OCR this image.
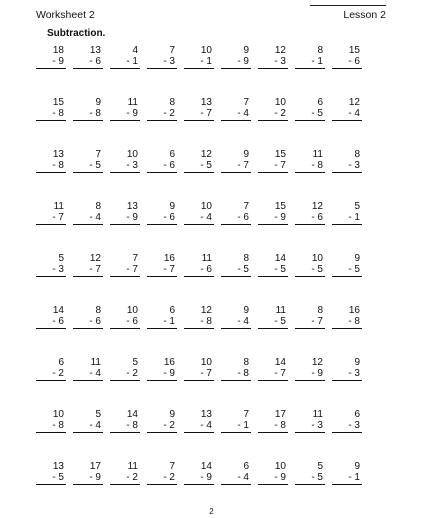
Worksheet 2	Lesson 2
Subtraction.
18
- 9
13
- 6
4
- 1
7
- 3
10
- 1
9
- 9
12
- 3
8
- 1
15
- 6
15
- 8
9
- 8
11
- 9
8
- 2
13
- 7
7
- 4
10
- 2
6
- 5
12
- 4
13
- 8
7
- 5
10
- 3
6
- 6
12
- 5
9
- 7
15
- 7
11
- 8
8
- 3
11
- 7
8
- 4
13
- 9
9
- 6
10
- 4
7
- 6
15
- 9
12
- 6
5
- 1
5
- 3
12
- 7
7
- 7
16
- 7
11
- 6
8
- 5
14
- 5
10
- 5
9
- 5
14
- 6
8
- 6
10
- 6
6
- 1
12
- 8
9
- 4
11
- 5
8
- 7
16
- 8
6
- 2
11
- 4
5
- 2
16
- 9
10
- 7
8
- 8
14
- 7
12
- 9
9
- 3
10
- 8
5
- 4
14
- 8
9
- 2
13
- 4
7
- 1
17
- 8
11
- 3
6
- 3
13
- 5
17
- 9
11
- 2
7
- 2
14
- 9
6
- 4
10
- 9
5
- 5
9
- 1
2
